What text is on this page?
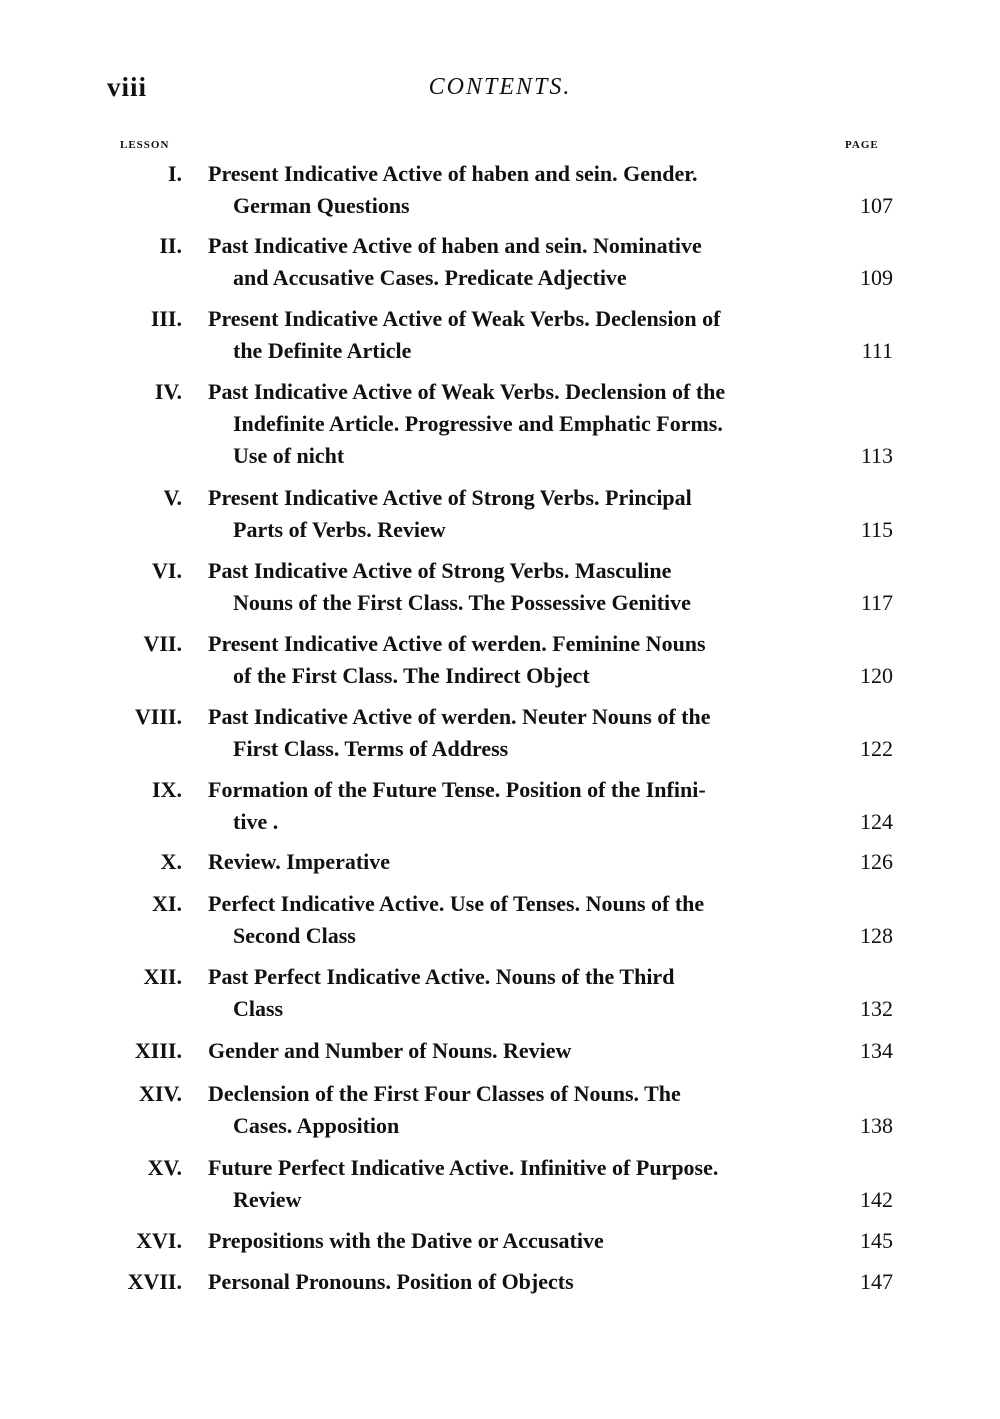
viii	CONTENTS.
LESSON	PAGE
I. Present Indicative Active of haben and sein. Gender.
German Questions	107
II. Past Indicative Active of haben and sein. Nominative
and Accusative Cases. Predicate Adjective	109
III. Present Indicative Active of Weak Verbs. Declension of
the Definite Article	111
IV. Past Indicative Active of Weak Verbs. Declension of the
Indefinite Article. Progressive and Emphatic Forms.
Use of nicht	113
V. Present Indicative Active of Strong Verbs. Principal
Parts of Verbs. Review	115
VI. Past Indicative Active of Strong Verbs. Masculine
Nouns of the First Class. The Possessive Genitive	117
VII. Present Indicative Active of werden. Feminine Nouns
of the First Class. The Indirect Object	120
VIII. Past Indicative Active of werden. Neuter Nouns of the
First Class. Terms of Address	122
IX. Formation of the Future Tense. Position of the Infini-
tive .	124
X. Review. Imperative	126
XI. Perfect Indicative Active. Use of Tenses. Nouns of the
Second Class	128
XII. Past Perfect Indicative Active. Nouns of the Third
Class	132
XIII. Gender and Number of Nouns. Review	134
XIV. Declension of the First Four Classes of Nouns. The
Cases. Apposition	138
XV. Future Perfect Indicative Active. Infinitive of Purpose.
Review	142
XVI. Prepositions with the Dative or Accusative	145
XVII. Personal Pronouns. Position of Objects	147
